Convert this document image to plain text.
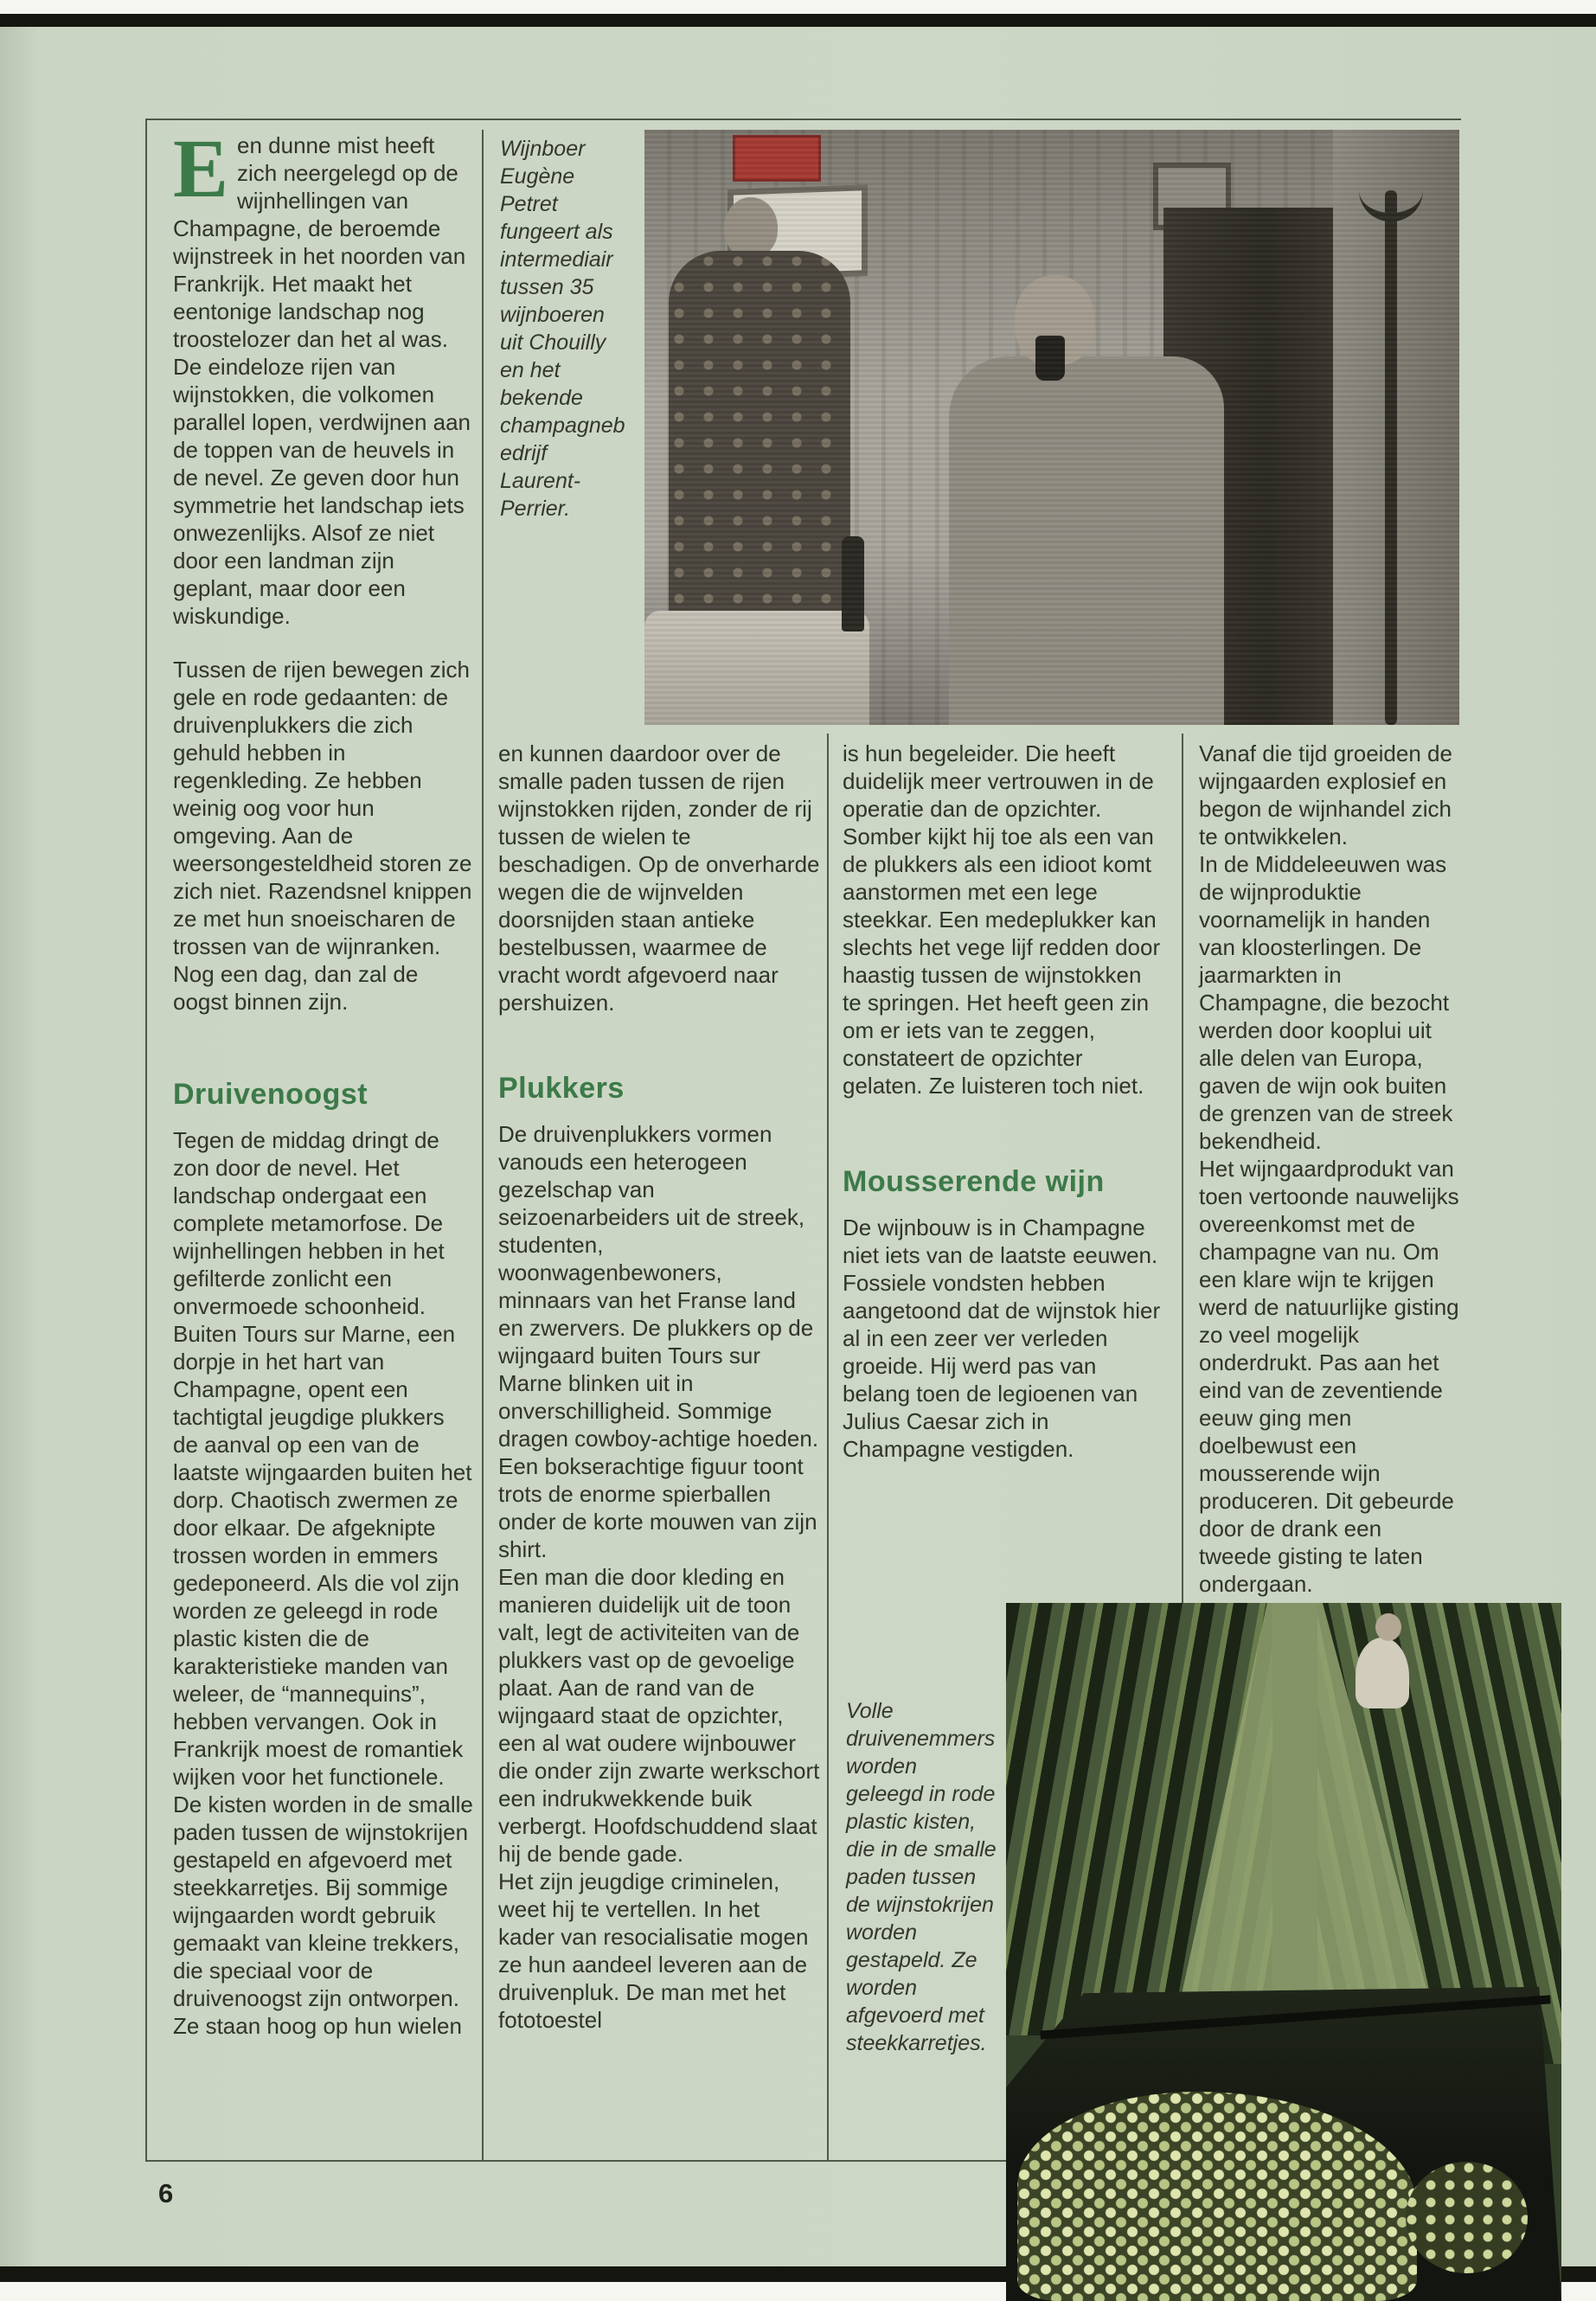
Een dunne mist heeft zich neergelegd op de wijnhellingen van Champagne, de beroemde wijnstreek in het noorden van Frankrijk. Het maakt het eentonige landschap nog troostelozer dan het al was. De eindeloze rijen van wijnstokken, die volkomen parallel lopen, verdwijnen aan de toppen van de heuvels in de nevel. Ze geven door hun symmetrie het landschap iets onwezenlijks. Alsof ze niet door een landman zijn geplant, maar door een wiskundige.

Tussen de rijen bewegen zich gele en rode gedaanten: de druivenplukkers die zich gehuld hebben in regenkleding. Ze hebben weinig oog voor hun omgeving. Aan de weersongesteldheid storen ze zich niet. Razendsnel knippen ze met hun snoeischaren de trossen van de wijnranken. Nog een dag, dan zal de oogst binnen zijn.

Druivenoogst

Tegen de middag dringt de zon door de nevel. Het landschap ondergaat een complete metamorfose. De wijnhellingen hebben in het gefilterde zonlicht een onvermoede schoonheid. Buiten Tours sur Marne, een dorpje in het hart van Champagne, opent een tachtigtal jeugdige plukkers de aanval op een van de laatste wijngaarden buiten het dorp. Chaotisch zwermen ze door elkaar. De afgeknipte trossen worden in emmers gedeponeerd. Als die vol zijn worden ze geleegd in rode plastic kisten die de karakteristieke manden van weleer, de “mannequins”, hebben vervangen. Ook in Frankrijk moest de romantiek wijken voor het functionele. De kisten worden in de smalle paden tussen de wijnstokrijen gestapeld en afgevoerd met steekkarretjes. Bij sommige wijngaarden wordt gebruik gemaakt van kleine trekkers, die speciaal voor de druivenoogst zijn ontworpen. Ze staan hoog op hun wielen

Wijnboer Eugène Petret fungeert als intermediair tussen 35 wijnboeren uit Chouilly en het bekende champagnebedrijf Laurent-Perrier.

en kunnen daardoor over de smalle paden tussen de rijen wijnstokken rijden, zonder de rij tussen de wielen te beschadigen. Op de onverharde wegen die de wijnvelden doorsnijden staan antieke bestelbussen, waarmee de vracht wordt afgevoerd naar pershuizen.

Plukkers

De druivenplukkers vormen vanouds een heterogeen gezelschap van seizoenarbeiders uit de streek, studenten, woonwagenbewoners, minnaars van het Franse land en zwervers. De plukkers op de wijngaard buiten Tours sur Marne blinken uit in onverschilligheid. Sommige dragen cowboy-achtige hoeden. Een bokserachtige figuur toont trots de enorme spierballen onder de korte mouwen van zijn shirt.

Een man die door kleding en manieren duidelijk uit de toon valt, legt de activiteiten van de plukkers vast op de gevoelige plaat. Aan de rand van de wijngaard staat de opzichter, een al wat oudere wijnbouwer die onder zijn zwarte werkschort een indrukwekkende buik verbergt. Hoofdschuddend slaat hij de bende gade.

Het zijn jeugdige criminelen, weet hij te vertellen. In het kader van resocialisatie mogen ze hun aandeel leveren aan de druivenpluk. De man met het fototoestel

is hun begeleider. Die heeft duidelijk meer vertrouwen in de operatie dan de opzichter. Somber kijkt hij toe als een van de plukkers als een idioot komt aanstormen met een lege steekkar. Een medeplukker kan slechts het vege lijf redden door haastig tussen de wijnstokken te springen. Het heeft geen zin om er iets van te zeggen, constateert de opzichter gelaten. Ze luisteren toch niet.

Mousserende wijn

De wijnbouw is in Champagne niet iets van de laatste eeuwen. Fossiele vondsten hebben aangetoond dat de wijnstok hier al in een zeer ver verleden groeide. Hij werd pas van belang toen de legioenen van Julius Caesar zich in Champagne vestigden.

Volle druivenemmers worden geleegd in rode plastic kisten, die in de smalle paden tussen de wijnstokrijen worden gestapeld. Ze worden afgevoerd met steekkarretjes.

Vanaf die tijd groeiden de wijngaarden explosief en begon de wijnhandel zich te ontwikkelen.

In de Middeleeuwen was de wijnproduktie voornamelijk in handen van kloosterlingen. De jaarmarkten in Champagne, die bezocht werden door kooplui uit alle delen van Europa, gaven de wijn ook buiten de grenzen van de streek bekendheid.

Het wijngaardprodukt van toen vertoonde nauwelijks overeenkomst met de champagne van nu. Om een klare wijn te krijgen werd de natuurlijke gisting zo veel mogelijk onderdrukt. Pas aan het eind van de zeventiende eeuw ging men doelbewust een mousserende wijn produceren. Dit gebeurde door de drank een tweede gisting te laten ondergaan.

6
